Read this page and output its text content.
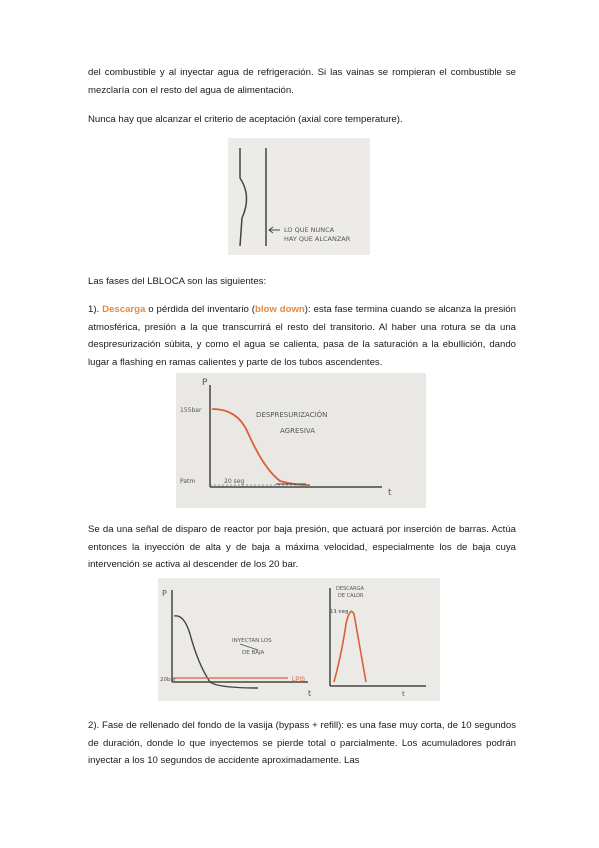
del combustible y al inyectar agua de refrigeración. Si las vainas se rompieran el combustible se mezclaría con el resto del agua de alimentación.

Nunca hay que alcanzar el criterio de aceptación (axial core temperature).

LO QUE NUNCA
HAY QUE ALCANZAR

Las fases del LBLOCA son las siguientes:

1). Descarga o pérdida del inventario (blow down): esta fase termina cuando se alcanza la presión atmosférica, presión a la que transcurrirá el resto del transitorio. Al haber una rotura se da una despresurización súbita, y como el agua se calienta, pasa de la saturación a la ebullición, dando lugar a flashing en ramas calientes y parte de los tubos ascendentes.

P
t
155bar
Patm	20 seg
DESPRESURIZACIÓN
AGRESIVA

Se da una señal de disparo de reactor por baja presión, que actuará por inserción de barras. Actúa entonces la inyección de alta y de baja a máxima velocidad, especialmente los de baja cuya intervención se activa al descender de los 20 bar.

P
t
20bar	LPIS
INYECTAN LOS
DE BAJA
t
DESCARGA
DE CALOR
11 seg

2). Fase de rellenado del fondo de la vasija (bypass + refill): es una fase muy corta, de 10 segundos de duración, donde lo que inyectemos se pierde total o parcialmente. Los acumuladores podrán inyectar a los 10 segundos de accidente aproximadamente. Las
